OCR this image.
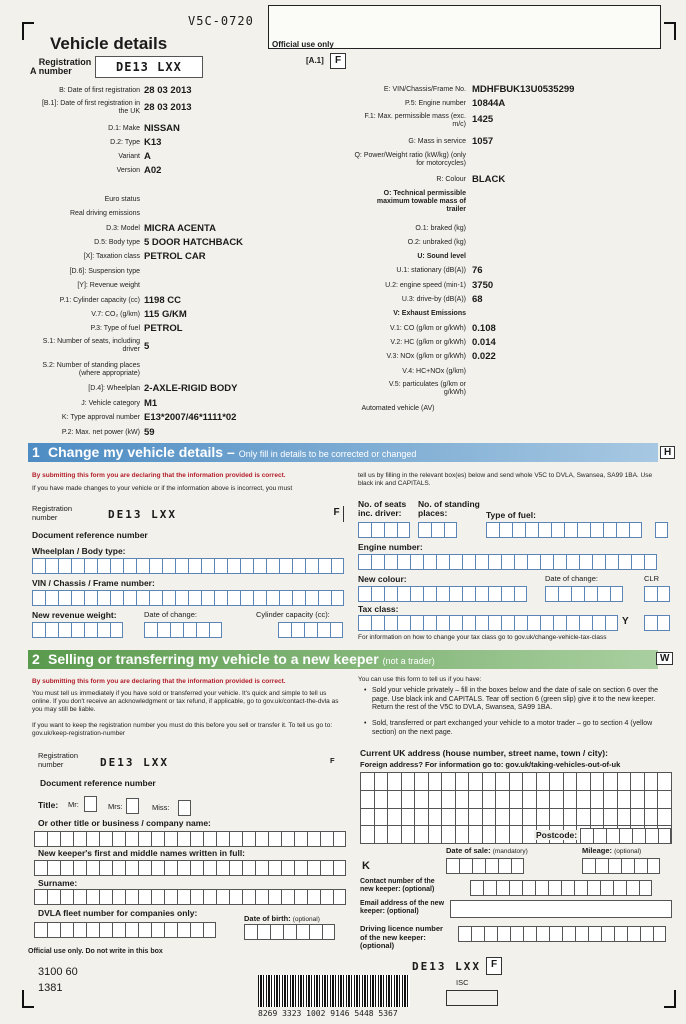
V5C-0720
Official use only
Vehicle details
[A.1]	F
A Registration number	DE13 LXX
B: Date of first registration 28 03 2013
[B.1]: Date of first registration in the UK 28 03 2013
D.1: Make NISSAN
D.2: Type K13
Variant A
Version A02
Euro status
Real driving emissions
D.3: Model MICRA ACENTA
D.5: Body type 5 DOOR HATCHBACK
[X]: Taxation class PETROL CAR
[D.6]: Suspension type
[Y]: Revenue weight
P.1: Cylinder capacity (cc) 1198 CC
V.7: CO₂ (g/km) 115 G/KM
P.3: Type of fuel PETROL
S.1: Number of seats, including driver 5
S.2: Number of standing places (where appropriate)
[D.4]: Wheelplan 2-AXLE-RIGID BODY
J: Vehicle category M1
K: Type approval number E13*2007/46*1111*02
P.2: Max. net power (kW) 59
E: VIN/Chassis/Frame No. MDHFBUK13U0535299
P.5: Engine number 10844A
F.1: Max. permissible mass (exc. m/c) 1425
G: Mass in service 1057
Q: Power/Weight ratio (kW/kg) (only for motorcycles)
R: Colour BLACK
O: Technical permissible maximum towable mass of trailer
O.1: braked (kg)
O.2: unbraked (kg)
U: Sound level
U.1: stationary (dB(A)) 76
U.2: engine speed (min-1) 3750
U.3: drive-by (dB(A)) 68
V: Exhaust Emissions
V.1: CO (g/km or g/kWh) 0.108
V.2: HC (g/km or g/kWh) 0.014
V.3: NOx (g/km or g/kWh) 0.022
V.4: HC+NOx (g/km)
V.5: particulates (g/km or g/kWh)
Automated vehicle (AV)
1 Change my vehicle details – Only fill in details to be corrected or changed	H
By submitting this form you are declaring that the information provided is correct.
If you have made changes to your vehicle or if the information above is incorrect, you must
tell us by filling in the relevant box(es) below and send whole V5C to DVLA, Swansea, SA99 1BA. Use black ink and CAPITALS.
Registration number	DE13 LXX	F
Document reference number
Wheelplan / Body type:
VIN / Chassis / Frame number:
New revenue weight:	Date of change:	Cylinder capacity (cc):
No. of seats inc. driver:
No. of standing places:	Type of fuel:
Engine number:
New colour:	Date of change:	CLR
Tax class:
Y
For information on how to change your tax class go to gov.uk/change-vehicle-tax-class
2 Selling or transferring my vehicle to a new keeper (not a trader)	W
By submitting this form you are declaring that the information provided is correct.
You must tell us immediately if you have sold or transferred your vehicle. It's quick and simple to tell us online. If you don't receive an acknowledgment or tax refund, if applicable, go to gov.uk/contact-the-dvla as you may still be liable.
If you want to keep the registration number you must do this before you sell or transfer it. To tell us go to: gov.uk/keep-registration-number
You can use this form to tell us if you have:
• Sold your vehicle privately – fill in the boxes below and the date of sale on section 6 over the page. Use black ink and CAPITALS. Tear off section 6 (green slip) give it to the new keeper. Return the rest of the V5C to DVLA, Swansea, SA99 1BA.
• Sold, transferred or part exchanged your vehicle to a motor trader – go to section 4 (yellow section) on the next page.
Registration number	DE13 LXX	F
Document reference number
Title: Mr:	Mrs:	Miss:
Or other title or business / company name:
New keeper's first and middle names written in full:
Surname:
DVLA fleet number for companies only:
Date of birth: (optional)
Current UK address (house number, street name, town / city):
Foreign address? For information go to: gov.uk/taking-vehicles-out-of-uk
Postcode:
Date of sale: (mandatory)	Mileage: (optional)
K
Contact number of the new keeper: (optional)
Email address of the new keeper: (optional)
Driving licence number of the new keeper: (optional)
Official use only. Do not write in this box
3100 60
1381
DE13 LXX F
ISC
8269 3323 1002 9146 5448 5367
